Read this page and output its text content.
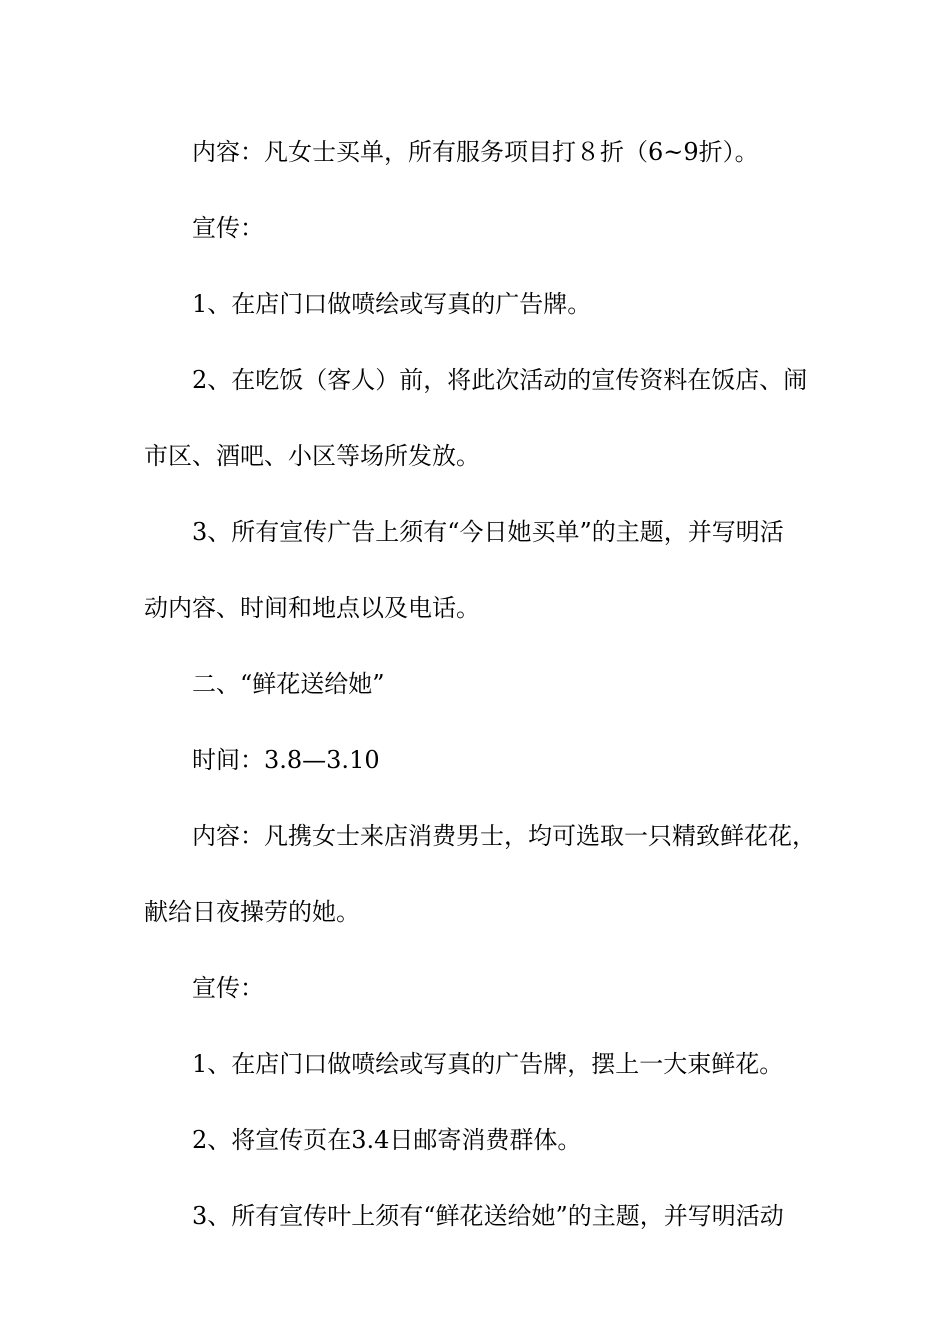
内容：凡女士买单，所有服务项目打８折（6~9折）。

宣传：

1、在店门口做喷绘或写真的广告牌。

2、在吃饭（客人）前，将此次活动的宣传资料在饭店、闹

市区、酒吧、小区等场所发放。

3、所有宣传广告上须有“今日她买单”的主题，并写明活

动内容、时间和地点以及电话。

二、“鲜花送给她”

时间：3.8—3.10

内容：凡携女士来店消费男士，均可选取一只精致鲜花花，

献给日夜操劳的她。

宣传：

1、在店门口做喷绘或写真的广告牌，摆上一大束鲜花。

2、将宣传页在3.4日邮寄消费群体。

3、所有宣传叶上须有“鲜花送给她”的主题，并写明活动
